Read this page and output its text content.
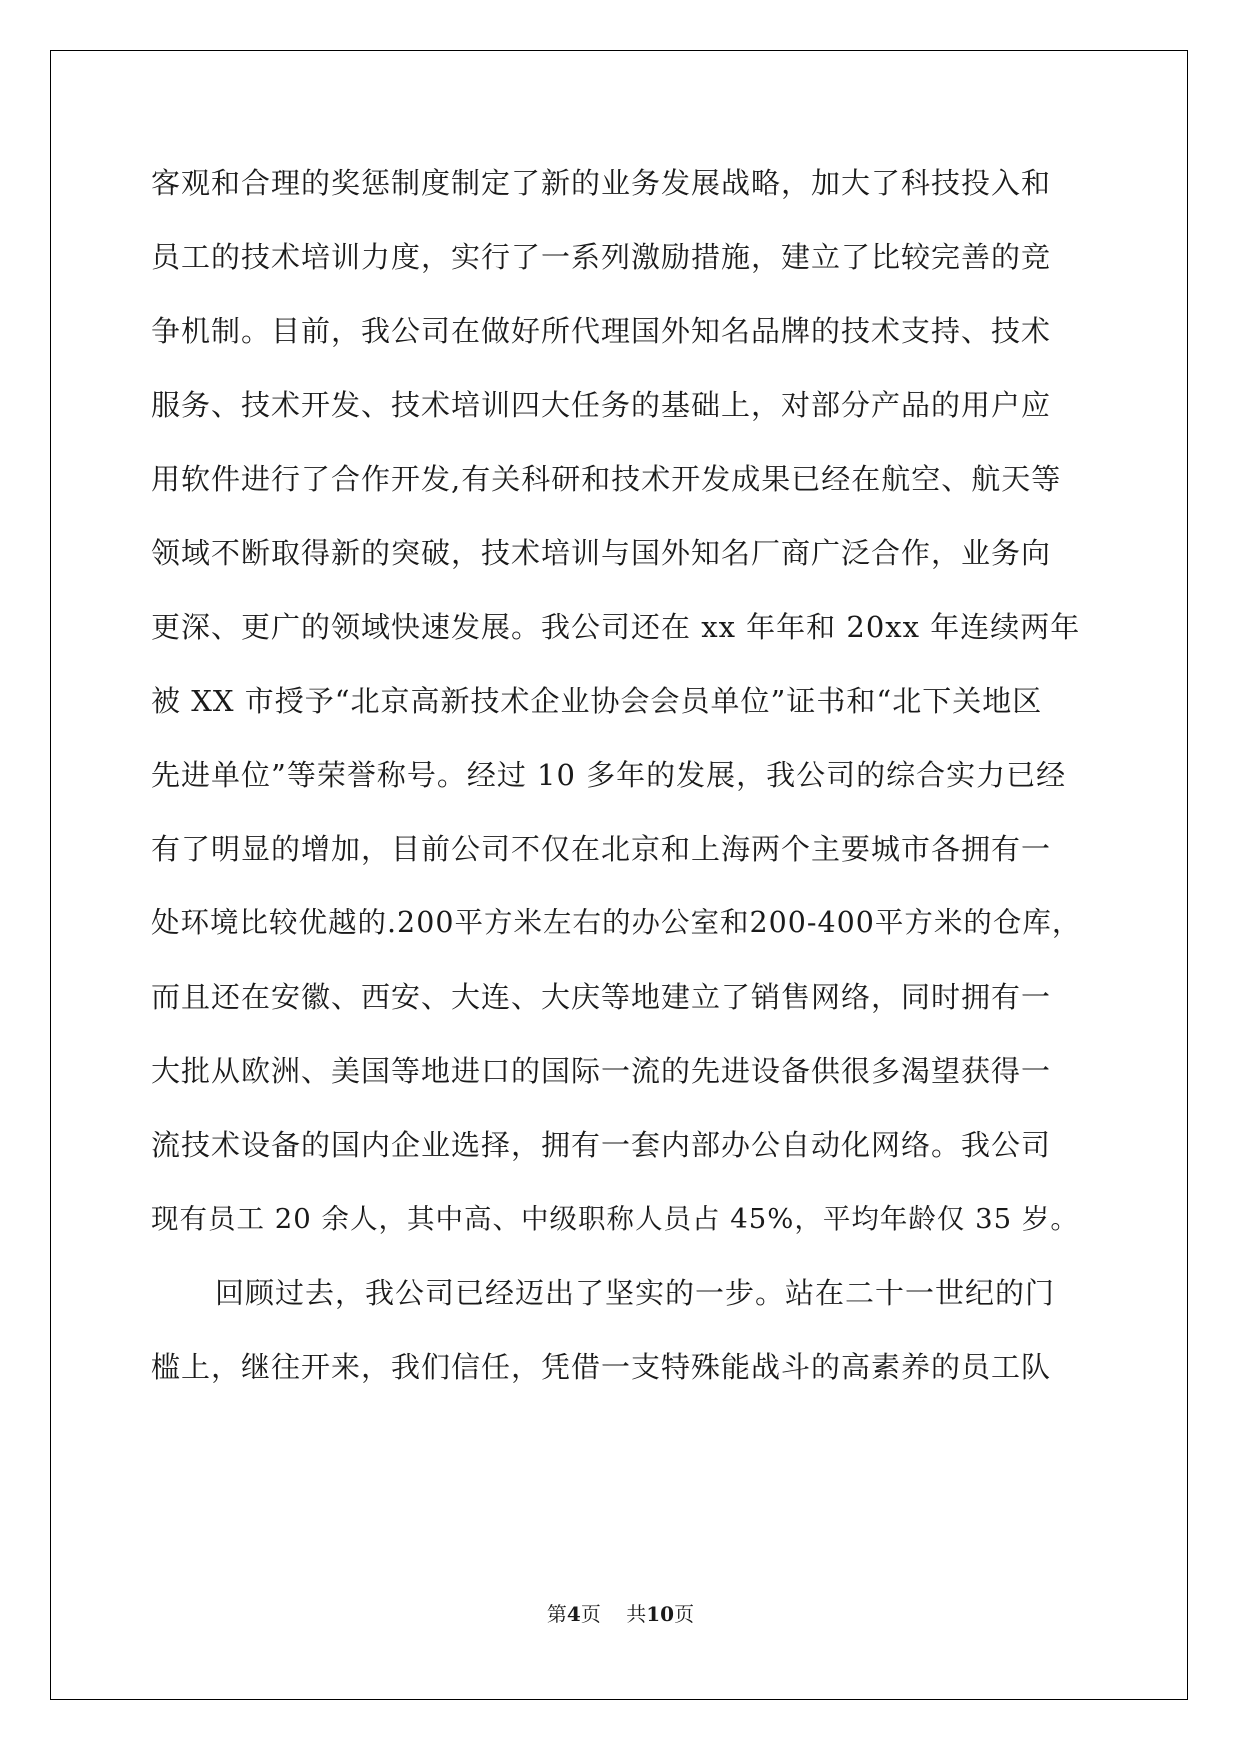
客观和合理的奖惩制度制定了新的业务发展战略，加大了科技投入和
员工的技术培训力度，实行了一系列激励措施，建立了比较完善的竞
争机制。目前，我公司在做好所代理国外知名品牌的技术支持、技术
服务、技术开发、技术培训四大任务的基础上，对部分产品的用户应
用软件进行了合作开发,有关科研和技术开发成果已经在航空、航天等
领域不断取得新的突破，技术培训与国外知名厂商广泛合作，业务向
更深、更广的领域快速发展。我公司还在 xx 年年和 20xx 年连续两年
被 XX 市授予“北京高新技术企业协会会员单位”证书和“北下关地区
先进单位”等荣誉称号。经过 10 多年的发展，我公司的综合实力已经
有了明显的增加，目前公司不仅在北京和上海两个主要城市各拥有一
处环境比较优越的.200平方米左右的办公室和200-400平方米的仓库，
而且还在安徽、西安、大连、大庆等地建立了销售网络，同时拥有一
大批从欧洲、美国等地进口的国际一流的先进设备供很多渴望获得一
流技术设备的国内企业选择，拥有一套内部办公自动化网络。我公司
现有员工 20 余人，其中高、中级职称人员占 45%，平均年龄仅 35 岁。
回顾过去，我公司已经迈出了坚实的一步。站在二十一世纪的门
槛上，继往开来，我们信任，凭借一支特殊能战斗的高素养的员工队
第4页 共10页
